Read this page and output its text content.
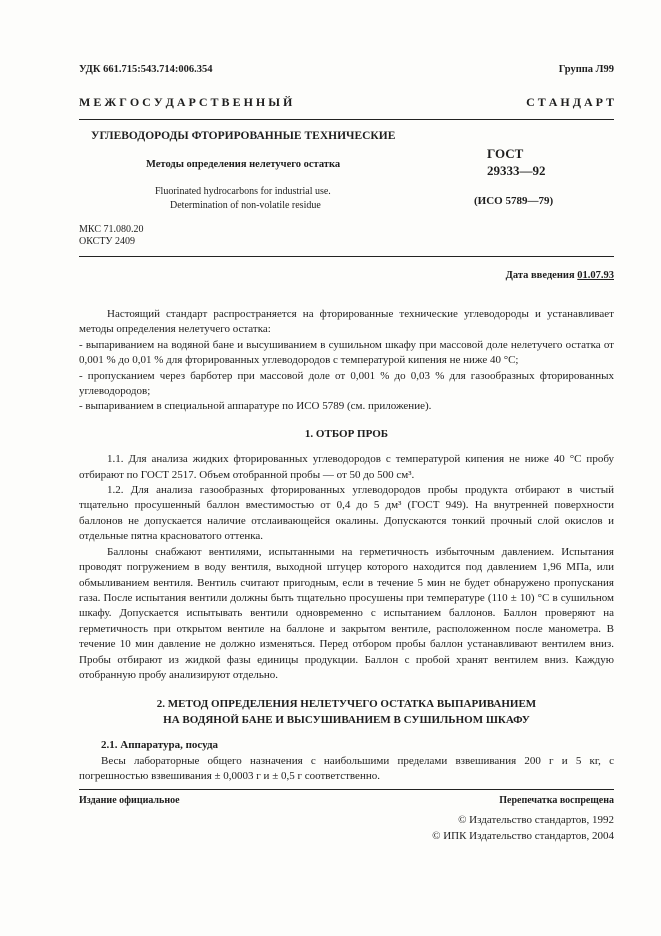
УДК 661.715:543.714:006.354	Группа Л99
М Е Ж Г О С У Д А Р С Т В Е Н Н Ы Й	С Т А Н Д А Р Т
УГЛЕВОДОРОДЫ ФТОРИРОВАННЫЕ ТЕХНИЧЕСКИЕ
Методы определения нелетучего остатка
Fluorinated hydrocarbons for industrial use.
Determination of non-volatile residue
ГОСТ
29333—92
(ИСО 5789—79)
МКС 71.080.20
ОКСТУ 2409
Дата введения 01.07.93

Настоящий стандарт распространяется на фторированные технические углеводороды и устанавливает методы определения нелетучего остатка:

- выпариванием на водяной бане и высушиванием в сушильном шкафу при массовой доле нелетучего остатка от 0,001 % до 0,01 % для фторированных углеводородов с температурой кипения не ниже 40 °С;

- пропусканием через барботер при массовой доле от 0,001 % до 0,03 % для газообразных фторированных углеводородов;

- выпариванием в специальной аппаратуре по ИСО 5789 (см. приложение).

1. ОТБОР ПРОБ

1.1. Для анализа жидких фторированных углеводородов с температурой кипения не ниже 40 °С пробу отбирают по ГОСТ 2517. Объем отобранной пробы — от 50 до 500 см³.

1.2. Для анализа газообразных фторированных углеводородов пробы продукта отбирают в чистый тщательно просушенный баллон вместимостью от 0,4 до 5 дм³ (ГОСТ 949). На внутренней поверхности баллонов не допускается наличие отслаивающейся окалины. Допускаются тонкий прочный слой окислов и отдельные пятна красноватого оттенка.

Баллоны снабжают вентилями, испытанными на герметичность избыточным давлением. Испытания проводят погружением в воду вентиля, выходной штуцер которого находится под давлением 1,96 МПа, или обмыливанием вентиля. Вентиль считают пригодным, если в течение 5 мин не будет обнаружено пропускания газа. После испытания вентили должны быть тщательно просушены при температуре (110 ± 10) °С в сушильном шкафу. Допускается испытывать вентили одновременно с испытанием баллонов. Баллон проверяют на герметичность при открытом вентиле на баллоне и закрытом вентиле, расположенном после манометра. В течение 10 мин давление не должно изменяться. Перед отбором пробы баллон устанавливают вентилем вниз. Пробы отбирают из жидкой фазы единицы продукции. Баллон с пробой хранят вентилем вниз. Каждую отобранную пробу анализируют отдельно.

2. МЕТОД ОПРЕДЕЛЕНИЯ НЕЛЕТУЧЕГО ОСТАТКА ВЫПАРИВАНИЕМ

НА ВОДЯНОЙ БАНЕ И ВЫСУШИВАНИЕМ В СУШИЛЬНОМ ШКАФУ

2.1. Аппаратура, посуда

Весы лабораторные общего назначения с наибольшими пределами взвешивания 200 г и 5 кг, с погрешностью взвешивания ± 0,0003 г и ± 0,5 г соответственно.

Издание официальное	Перепечатка воспрещена
© Издательство стандартов, 1992
© ИПК Издательство стандартов, 2004
